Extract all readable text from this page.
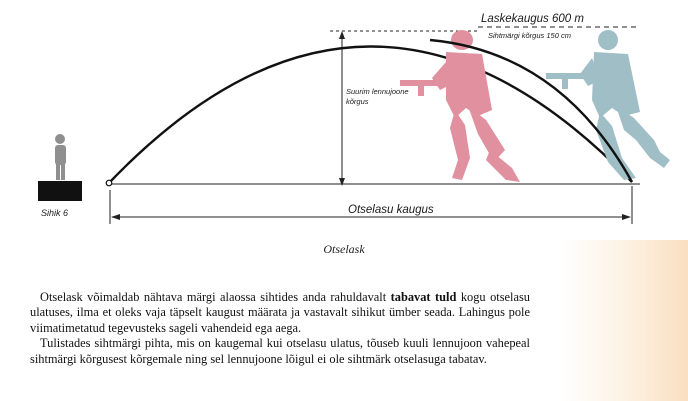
Laskekaugus 600 m
Sihtmärgi kõrgus 150 cm
Suurim lennujoone kõrgus
Otselasu kaugus
Sihik 6
Otselask

Otselask võimaldab nähtava märgi alaossa sihtides anda rahuldavalt tabavat tuld kogu otselasu ulatuses, ilma et oleks vaja täpselt kaugust määrata ja vastavalt sihikut ümber seada. Lahingus pole viimatimetatud tegevusteks sageli vahendeid ega aega.

Tulistades sihtmärgi pihta, mis on kaugemal kui otselasu ulatus, tõuseb kuuli lennujoon vahepeal sihtmärgi kõrgusest kõrgemale ning sel lennujoone lõigul ei ole sihtmärk otselasuga tabatav.
